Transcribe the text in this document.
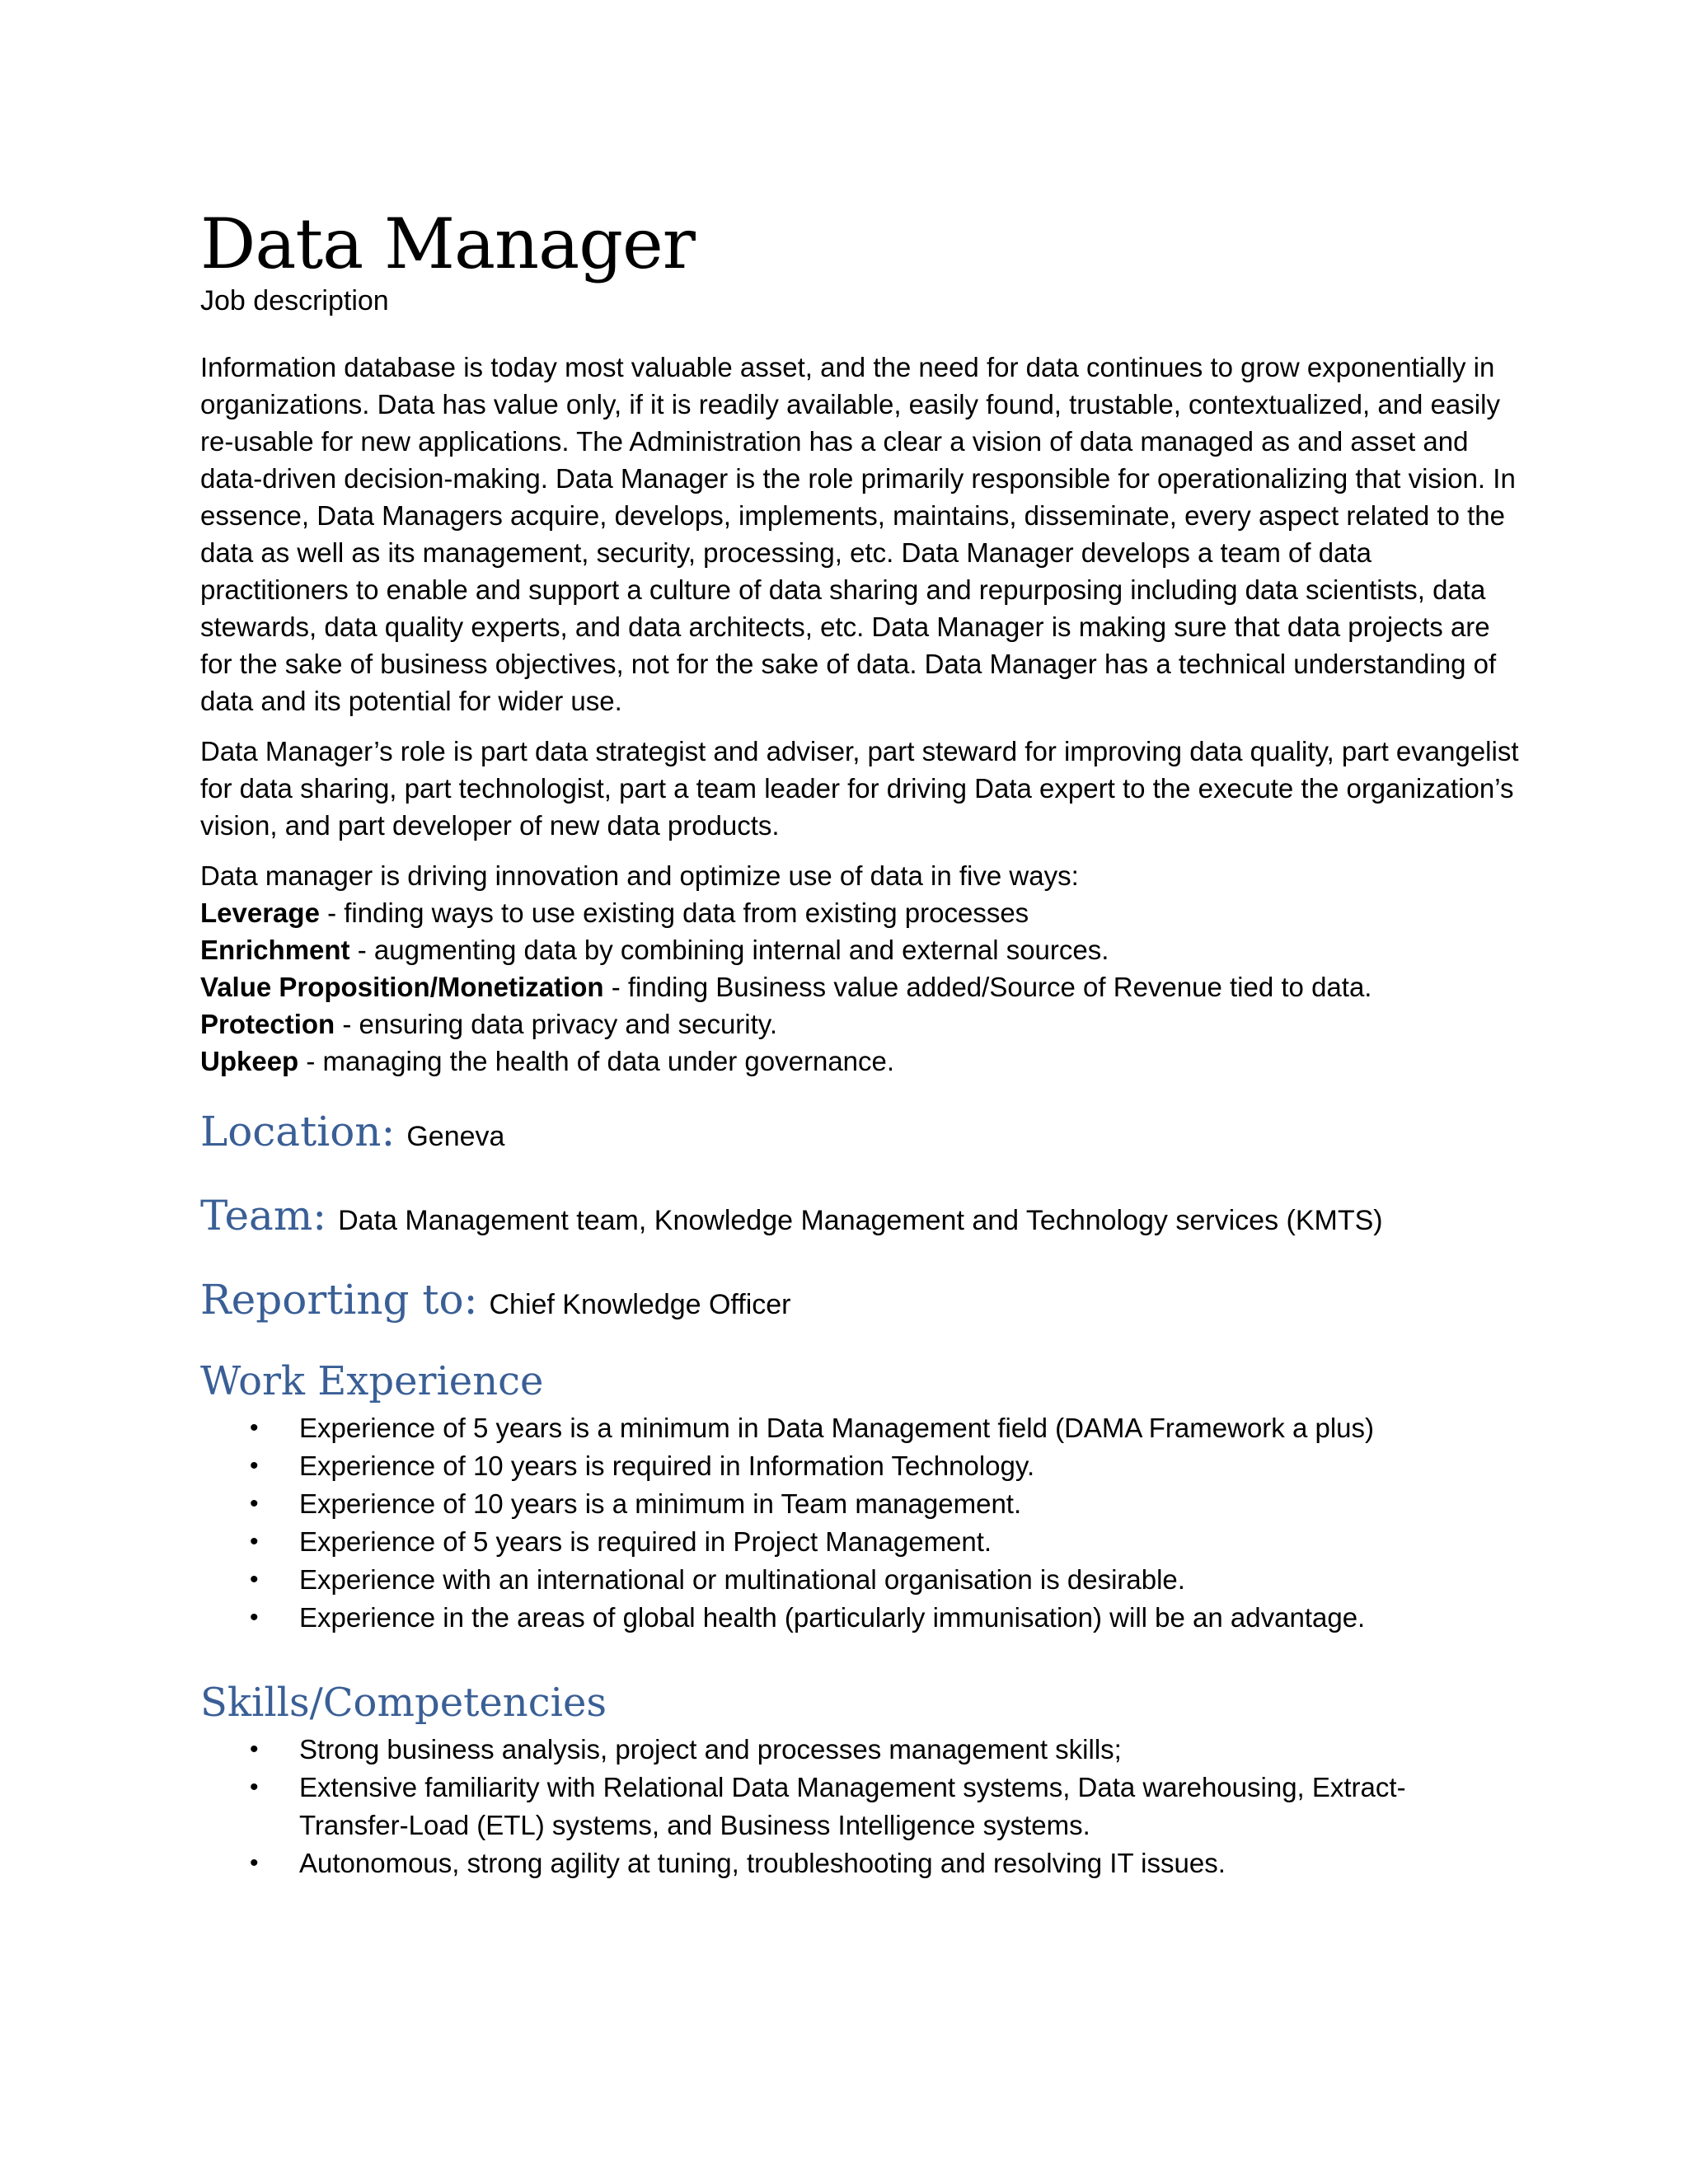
Data Manager
Job description

Information database is today most valuable asset, and the need for data continues to grow exponentially in organizations. Data has value only, if it is readily available, easily found, trustable, contextualized, and easily re-usable for new applications. The Administration has a clear a vision of data managed as and asset and data-driven decision-making. Data Manager is the role primarily responsible for operationalizing that vision. In essence, Data Managers acquire, develops, implements, maintains, disseminate, every aspect related to the data as well as its management, security, processing, etc. Data Manager develops a team of data practitioners to enable and support a culture of data sharing and repurposing including data scientists, data stewards, data quality experts, and data architects, etc. Data Manager is making sure that data projects are for the sake of business objectives, not for the sake of data. Data Manager has a technical understanding of data and its potential for wider use.

Data Manager’s role is part data strategist and adviser, part steward for improving data quality, part evangelist for data sharing, part technologist, part a team leader for driving Data expert to the execute the organization’s vision, and part developer of new data products.

Data manager is driving innovation and optimize use of data in five ways:
Leverage - finding ways to use existing data from existing processes
Enrichment - augmenting data by combining internal and external sources.
Value Proposition/Monetization - finding Business value added/Source of Revenue tied to data.
Protection - ensuring data privacy and security.
Upkeep - managing the health of data under governance.
Location: Geneva
Team: Data Management team, Knowledge Management and Technology services (KMTS)
Reporting to: Chief Knowledge Officer
Work Experience
• Experience of 5 years is a minimum in Data Management field (DAMA Framework a plus)
• Experience of 10 years is required in Information Technology.
• Experience of 10 years is a minimum in Team management.
• Experience of 5 years is required in Project Management.
• Experience with an international or multinational organisation is desirable.
• Experience in the areas of global health (particularly immunisation) will be an advantage.
Skills/Competencies
• Strong business analysis, project and processes management skills;
• Extensive familiarity with Relational Data Management systems, Data warehousing, Extract-Transfer-Load (ETL) systems, and Business Intelligence systems.
• Autonomous, strong agility at tuning, troubleshooting and resolving IT issues.
